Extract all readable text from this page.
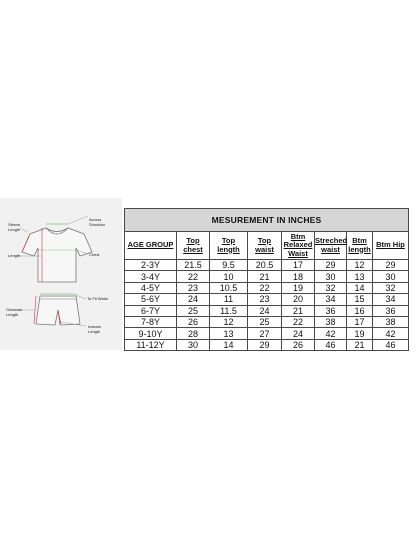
Across
Shoulder
Sleeve
Length
Length	Chest
To Fit Waist
Outseam
Length
Inseam
Length
MESUREMENT IN INCHES							
AGE GROUP	Top chest	Top length	Top waist	Btm Relaxed Waist	Streched waist	Btm length	Btm Hip
2-3Y	21.5	9.5	20.5	17	29	12	29
3-4Y	22	10	21	18	30	13	30
4-5Y	23	10.5	22	19	32	14	32
5-6Y	24	11	23	20	34	15	34
6-7Y	25	11.5	24	21	36	16	36
7-8Y	26	12	25	22	38	17	38
9-10Y	28	13	27	24	42	19	42
11-12Y	30	14	29	26	46	21	46
